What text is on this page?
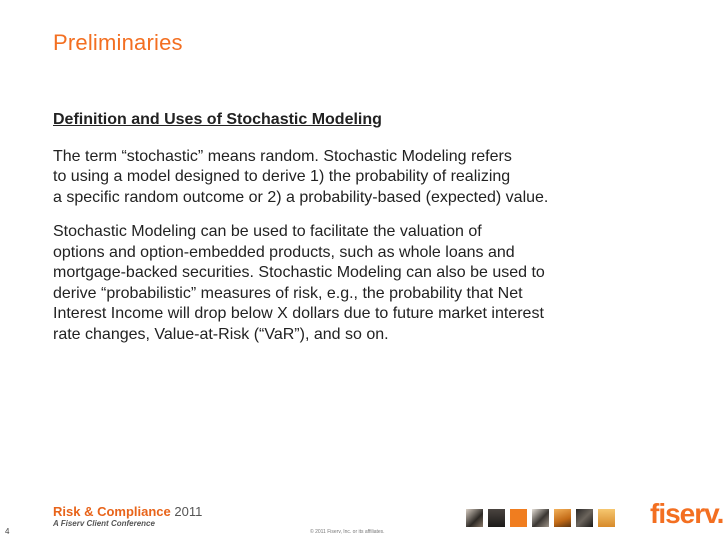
Preliminaries
Definition and Uses of Stochastic Modeling
The term “stochastic” means random. Stochastic Modeling refers
to using a model designed to derive 1) the probability of realizing
a specific random outcome or 2) a probability-based (expected) value.
Stochastic Modeling can be used to facilitate the valuation of
options and option-embedded products, such as whole loans and
mortgage-backed securities. Stochastic Modeling can also be used to
derive “probabilistic” measures of risk, e.g., the probability that Net
Interest Income will drop below X dollars due to future market interest
rate changes, Value-at-Risk (“VaR”), and so on.
Risk & Compliance 2011
A Fiserv Client Conference
4	© 2011 Fiserv, Inc. or its affiliates.
fiserv.
